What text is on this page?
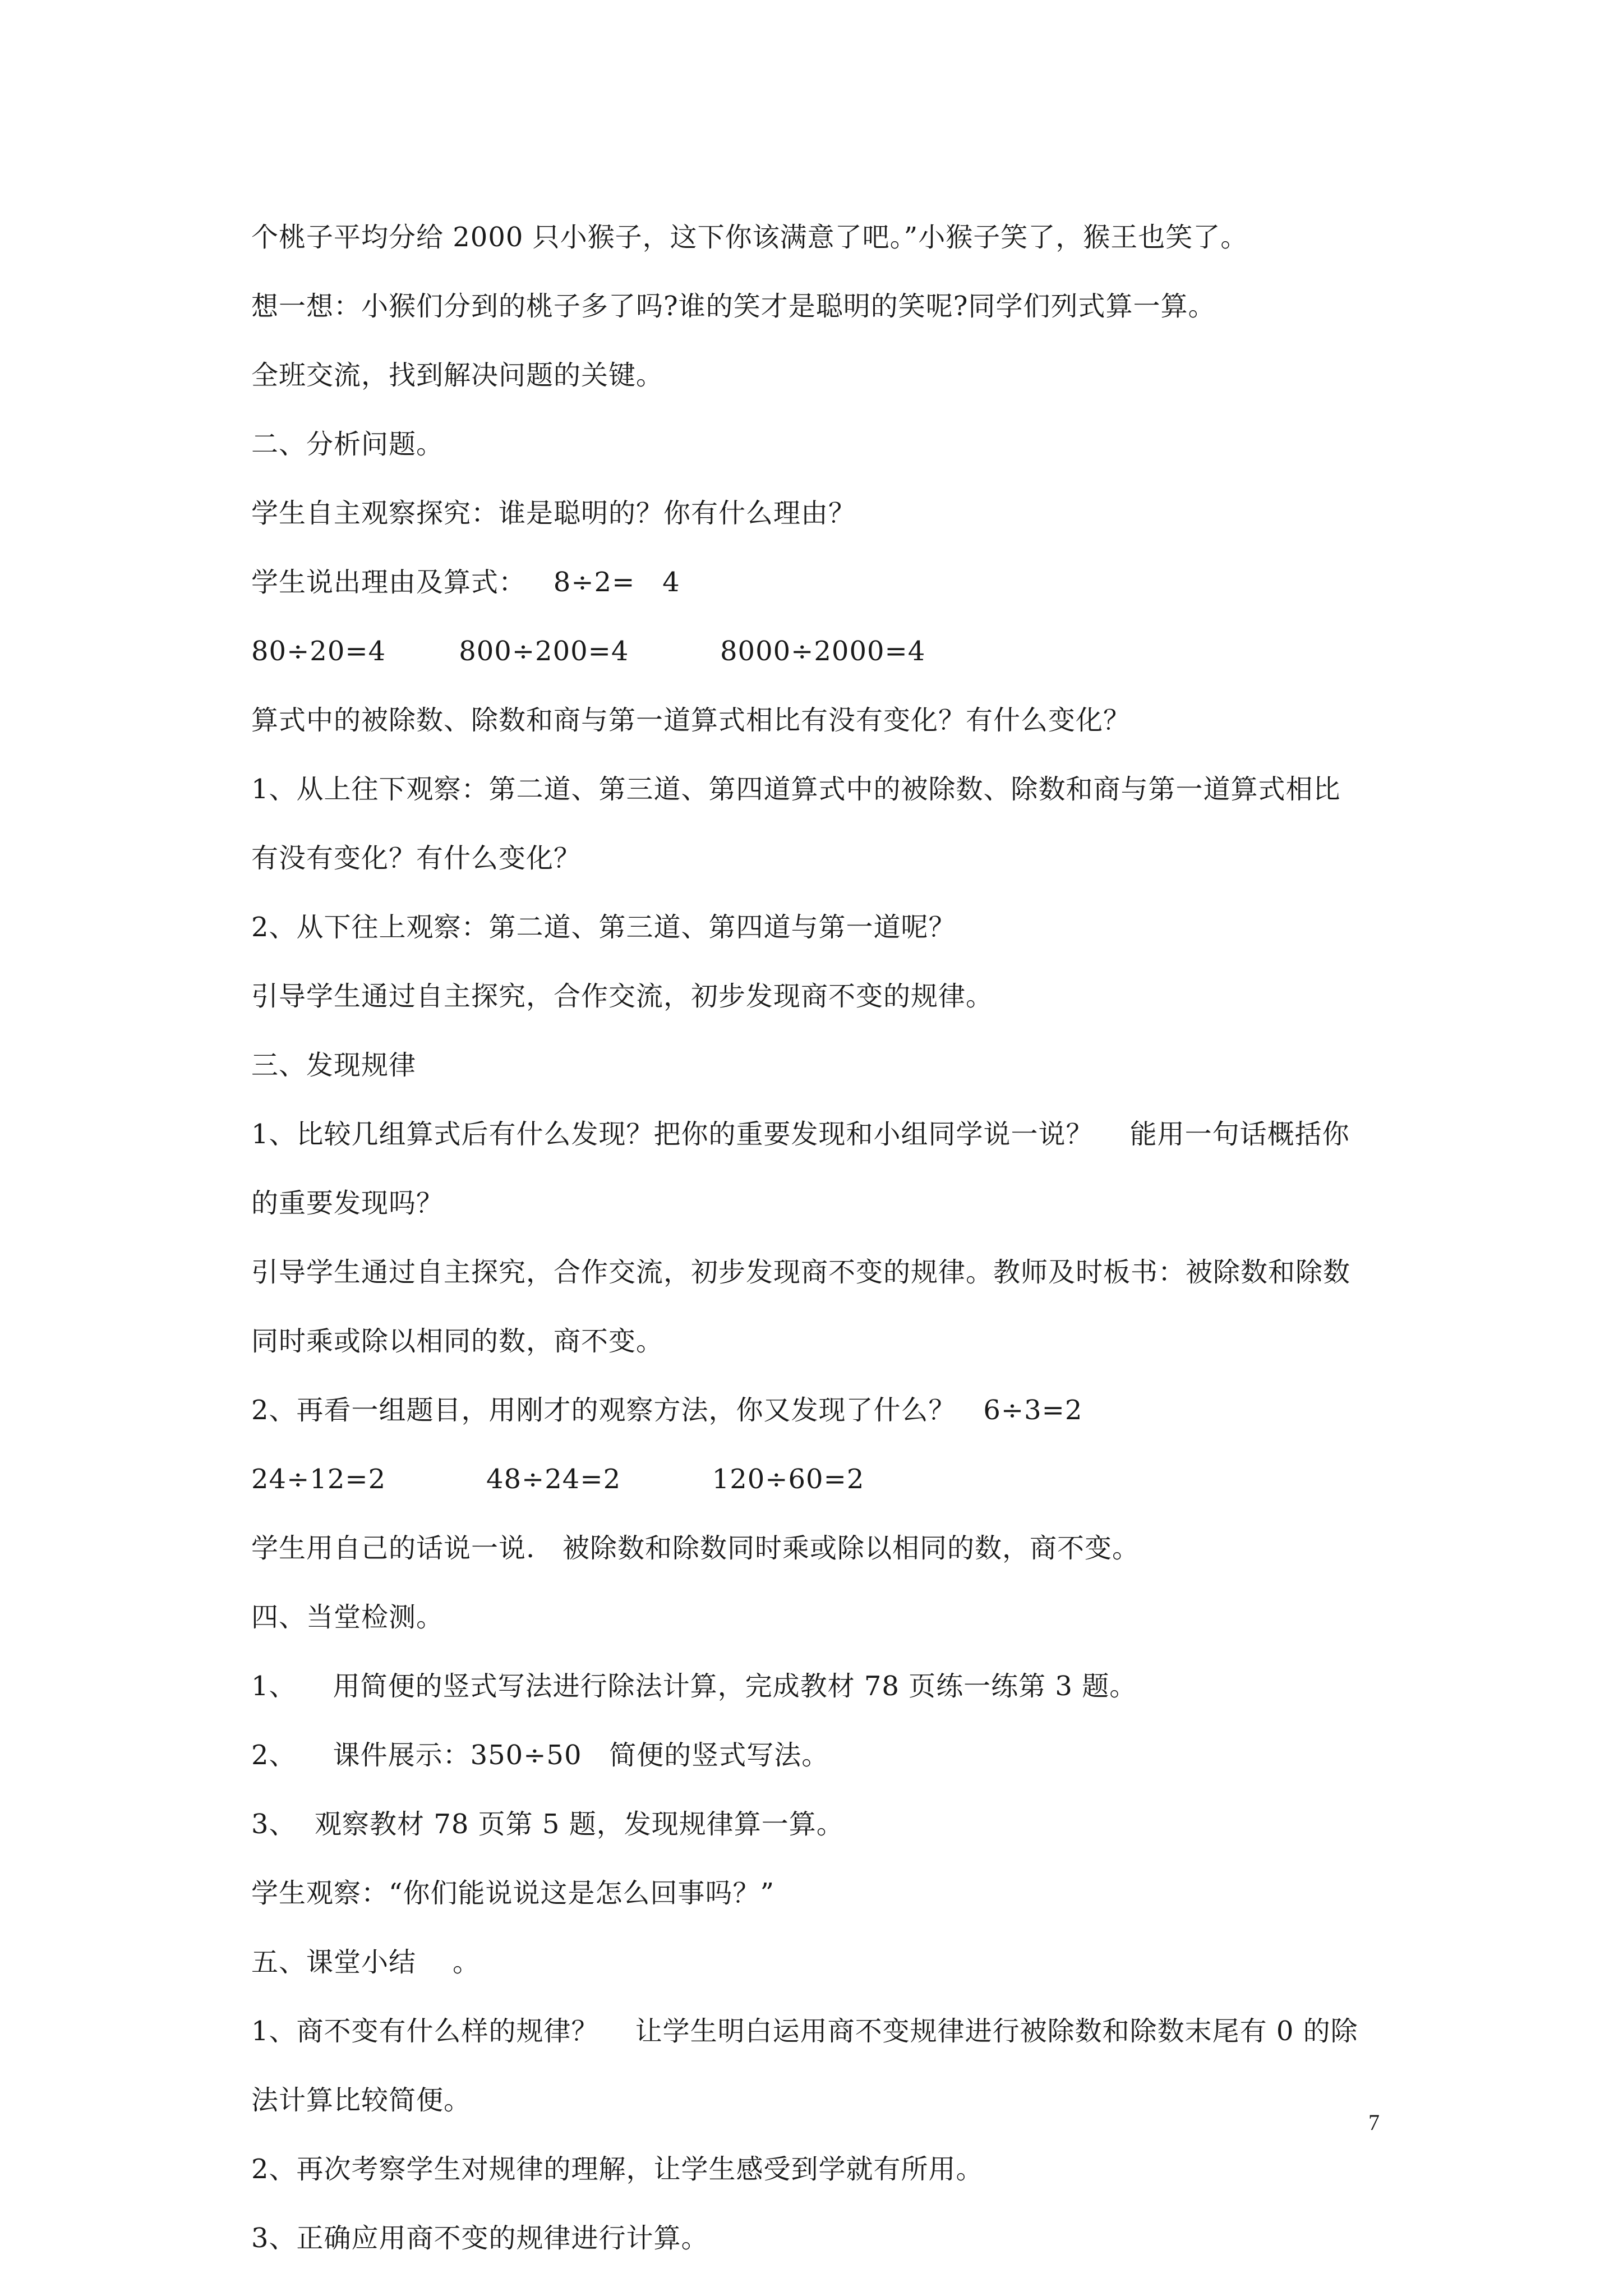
个桃子平均分给 2000 只小猴子，这下你该满意了吧。”小猴子笑了，猴王也笑了。
想一想：小猴们分到的桃子多了吗?谁的笑才是聪明的笑呢?同学们列式算一算。
全班交流，找到解决问题的关键。
二、分析问题。
学生自主观察探究：谁是聪明的？你有什么理由？
学生说出理由及算式：   8÷2=   4
80÷20=4        800÷200=4          8000÷2000=4
算式中的被除数、除数和商与第一道算式相比有没有变化？有什么变化？
1、从上往下观察：第二道、第三道、第四道算式中的被除数、除数和商与第一道算式相比
有没有变化？有什么变化？
2、从下往上观察：第二道、第三道、第四道与第一道呢？
引导学生通过自主探究，合作交流，初步发现商不变的规律。
三、发现规律
1、比较几组算式后有什么发现？把你的重要发现和小组同学说一说？    能用一句话概括你
的重要发现吗？
引导学生通过自主探究，合作交流，初步发现商不变的规律。教师及时板书：被除数和除数
同时乘或除以相同的数，商不变。
2、再看一组题目，用刚才的观察方法，你又发现了什么？   6÷3=2
24÷12=2           48÷24=2          120÷60=2
学生用自己的话说一说.   被除数和除数同时乘或除以相同的数，商不变。
四、当堂检测。
1、    用简便的竖式写法进行除法计算，完成教材 78 页练一练第 3 题。
2、    课件展示：350÷50   简便的竖式写法。
3、  观察教材 78 页第 5 题，发现规律算一算。
学生观察：“你们能说说这是怎么回事吗？”
五、课堂小结    。
1、商不变有什么样的规律？    让学生明白运用商不变规律进行被除数和除数末尾有 0 的除
法计算比较简便。
2、再次考察学生对规律的理解，让学生感受到学就有所用。
3、正确应用商不变的规律进行计算。
7
